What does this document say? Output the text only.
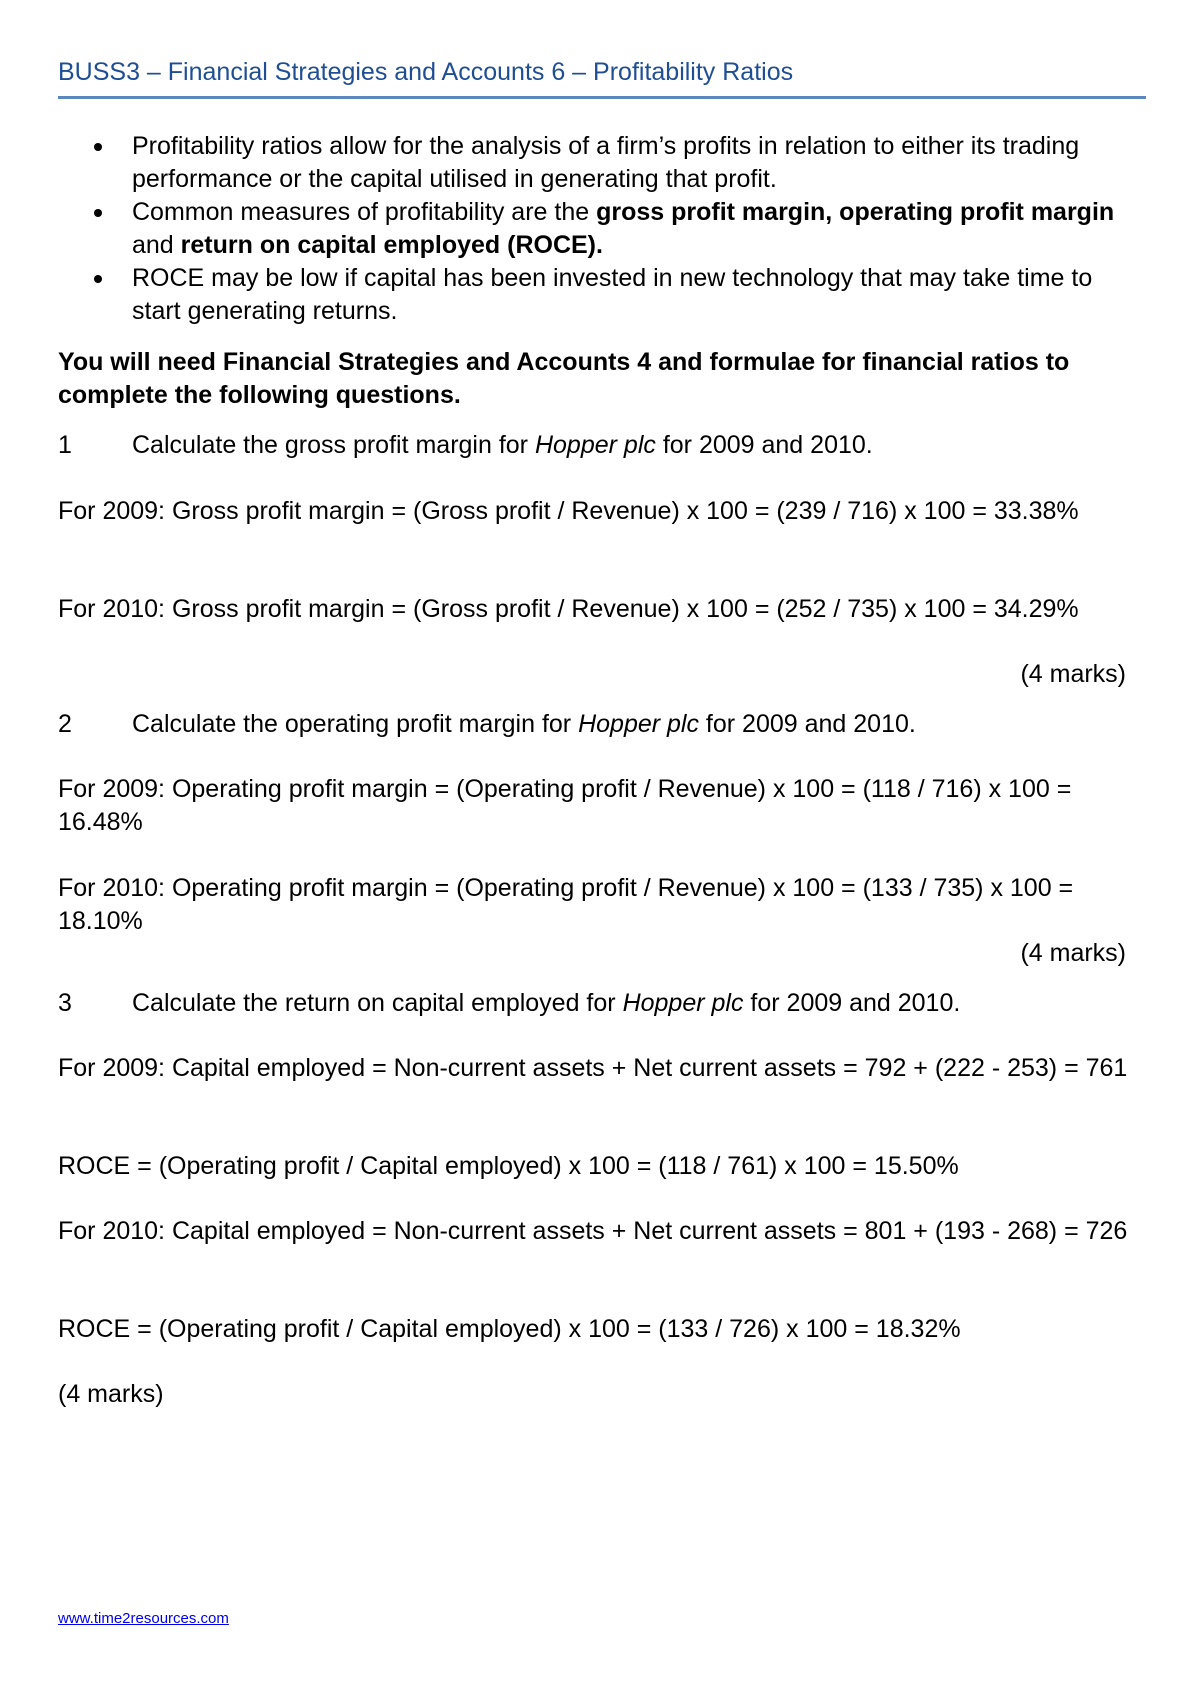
BUSS3 – Financial Strategies and Accounts 6 – Profitability Ratios
Profitability ratios allow for the analysis of a firm’s profits in relation to either its trading performance or the capital utilised in generating that profit.
Common measures of profitability are the gross profit margin, operating profit margin and return on capital employed (ROCE).
ROCE may be low if capital has been invested in new technology that may take time to start generating returns.
You will need Financial Strategies and Accounts 4 and formulae for financial ratios to complete the following questions.
1 Calculate the gross profit margin for Hopper plc for 2009 and 2010.
For 2009: Gross profit margin = (Gross profit / Revenue) x 100 = (239 / 716) x 100 = 33.38%
For 2010: Gross profit margin = (Gross profit / Revenue) x 100 = (252 / 735) x 100 = 34.29%
(4 marks)
2 Calculate the operating profit margin for Hopper plc for 2009 and 2010.
For 2009: Operating profit margin = (Operating profit / Revenue) x 100 = (118 / 716) x 100 = 16.48%
For 2010: Operating profit margin = (Operating profit / Revenue) x 100 = (133 / 735) x 100 = 18.10%
(4 marks)
3 Calculate the return on capital employed for Hopper plc for 2009 and 2010.
For 2009: Capital employed = Non-current assets + Net current assets = 792 + (222 - 253) = 761
ROCE = (Operating profit / Capital employed) x 100 = (118 / 761) x 100 = 15.50%
For 2010: Capital employed = Non-current assets + Net current assets = 801 + (193 - 268) = 726
ROCE = (Operating profit / Capital employed) x 100 = (133 / 726) x 100 = 18.32%
(4 marks)
www.time2resources.com
